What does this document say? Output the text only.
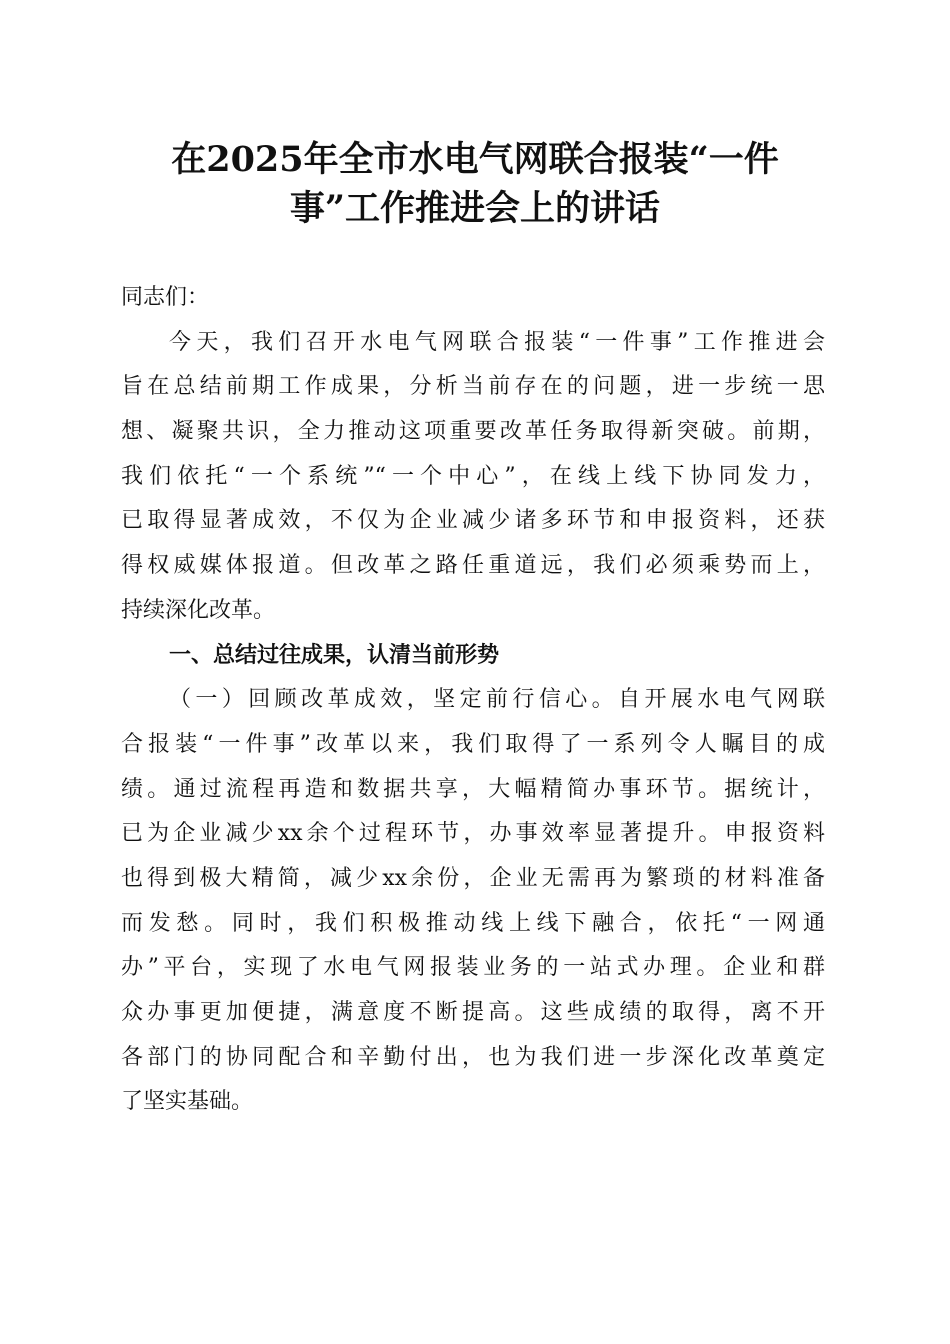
在2025年全市水电气网联合报装“一件
事”工作推进会上的讲话
同志们：
今天，我们召开水电气网联合报装“一件事”工作推进会
旨在总结前期工作成果，分析当前存在的问题，进一步统一思
想、凝聚共识，全力推动这项重要改革任务取得新突破。前期，
我们依托“一个系统”“一个中心”，在线上线下协同发力，
已取得显著成效，不仅为企业减少诸多环节和申报资料，还获
得权威媒体报道。但改革之路任重道远，我们必须乘势而上，
持续深化改革。
一、总结过往成果，认清当前形势
（一）回顾改革成效，坚定前行信心。自开展水电气网联
合报装“一件事”改革以来，我们取得了一系列令人瞩目的成
绩。通过流程再造和数据共享，大幅精简办事环节。据统计，
已为企业减少xx余个过程环节，办事效率显著提升。申报资料
也得到极大精简，减少xx余份，企业无需再为繁琐的材料准备
而发愁。同时，我们积极推动线上线下融合，依托“一网通
办”平台，实现了水电气网报装业务的一站式办理。企业和群
众办事更加便捷，满意度不断提高。这些成绩的取得，离不开
各部门的协同配合和辛勤付出，也为我们进一步深化改革奠定
了坚实基础。
